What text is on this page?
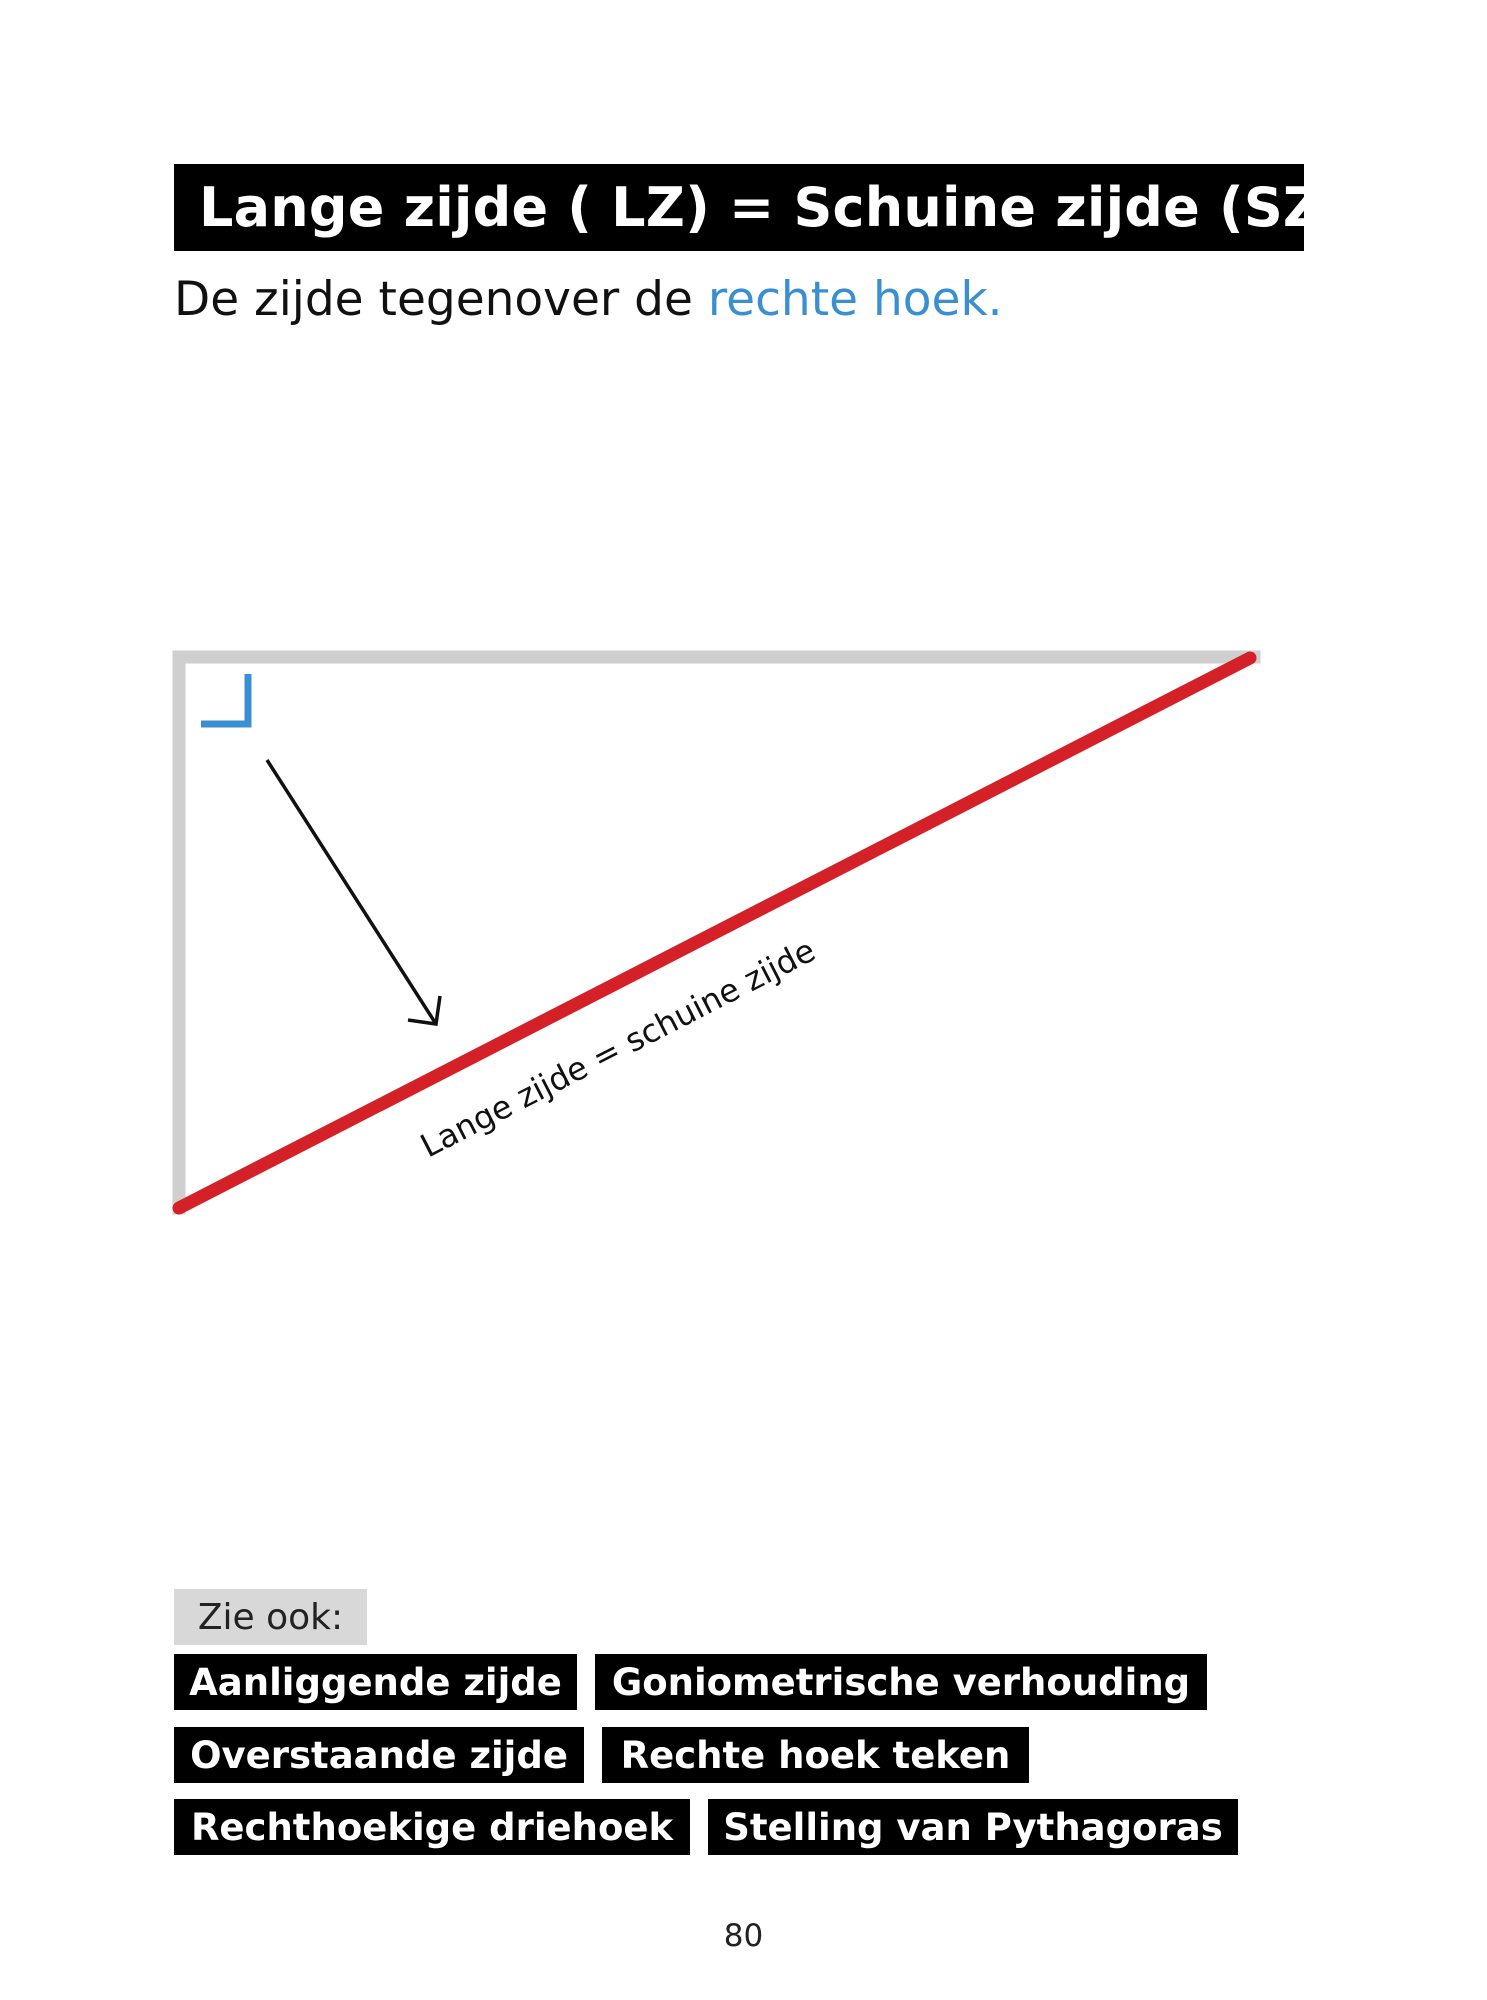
Lange zijde ( LZ) = Schuine zijde (SZ)
De zijde tegenover de rechte hoek.
Lange zijde = schuine zijde
Zie ook:
Aanliggende zijde	Goniometrische verhouding
Overstaande zijde	Rechte hoek teken
Rechthoekige driehoek	Stelling van Pythagoras
80
